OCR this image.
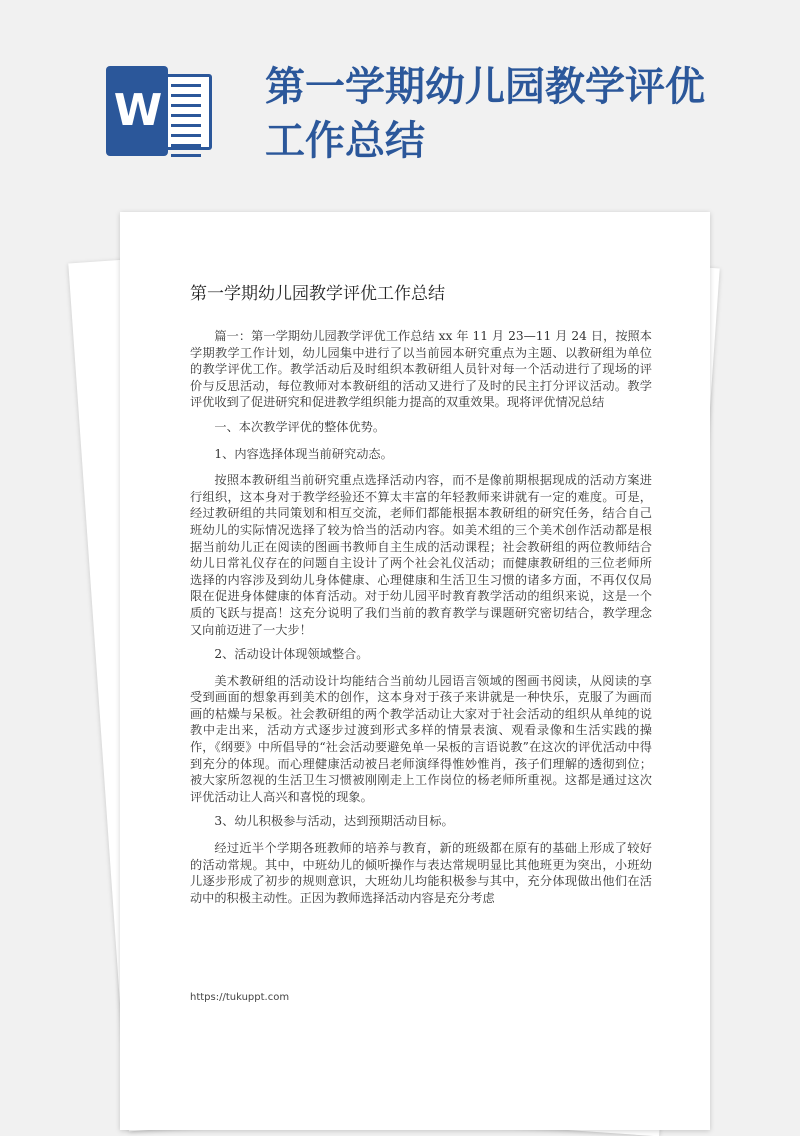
W	第一学期幼儿园教学评优工作总结
第一学期幼儿园教学评优工作总结

篇一：第一学期幼儿园教学评优工作总结 xx 年 11 月 23—11 月 24 日，按照本学期教学工作计划，幼儿园集中进行了以当前园本研究重点为主题、以教研组为单位的教学评优工作。教学活动后及时组织本教研组人员针对每一个活动进行了现场的评价与反思活动，每位教师对本教研组的活动又进行了及时的民主打分评议活动。教学评优收到了促进研究和促进教学组织能力提高的双重效果。现将评优情况总结

一、本次教学评优的整体优势。

1、内容选择体现当前研究动态。

按照本教研组当前研究重点选择活动内容，而不是像前期根据现成的活动方案进行组织，这本身对于教学经验还不算太丰富的年轻教师来讲就有一定的难度。可是，经过教研组的共同策划和相互交流，老师们都能根据本教研组的研究任务，结合自己班幼儿的实际情况选择了较为恰当的活动内容。如美术组的三个美术创作活动都是根据当前幼儿正在阅读的图画书教师自主生成的活动课程；社会教研组的两位教师结合幼儿日常礼仪存在的问题自主设计了两个社会礼仪活动；而健康教研组的三位老师所选择的内容涉及到幼儿身体健康、心理健康和生活卫生习惯的诸多方面，不再仅仅局限在促进身体健康的体育活动。对于幼儿园平时教育教学活动的组织来说，这是一个质的飞跃与提高！这充分说明了我们当前的教育教学与课题研究密切结合，教学理念又向前迈进了一大步！

2、活动设计体现领域整合。

美术教研组的活动设计均能结合当前幼儿园语言领域的图画书阅读，从阅读的享受到画面的想象再到美术的创作，这本身对于孩子来讲就是一种快乐，克服了为画而画的枯燥与呆板。社会教研组的两个教学活动让大家对于社会活动的组织从单纯的说教中走出来，活动方式逐步过渡到形式多样的情景表演、观看录像和生活实践的操作，《纲要》中所倡导的“社会活动要避免单一呆板的言语说教”在这次的评优活动中得到充分的体现。而心理健康活动被吕老师演绎得惟妙惟肖，孩子们理解的透彻到位；被大家所忽视的生活卫生习惯被刚刚走上工作岗位的杨老师所重视。这都是通过这次评优活动让人高兴和喜悦的现象。

3、幼儿积极参与活动，达到预期活动目标。

经过近半个学期各班教师的培养与教育，新的班级都在原有的基础上形成了较好的活动常规。其中，中班幼儿的倾听操作与表达常规明显比其他班更为突出，小班幼儿逐步形成了初步的规则意识，大班幼儿均能积极参与其中，充分体现做出他们在活动中的积极主动性。正因为教师选择活动内容是充分考虑

https://tukuppt.com
